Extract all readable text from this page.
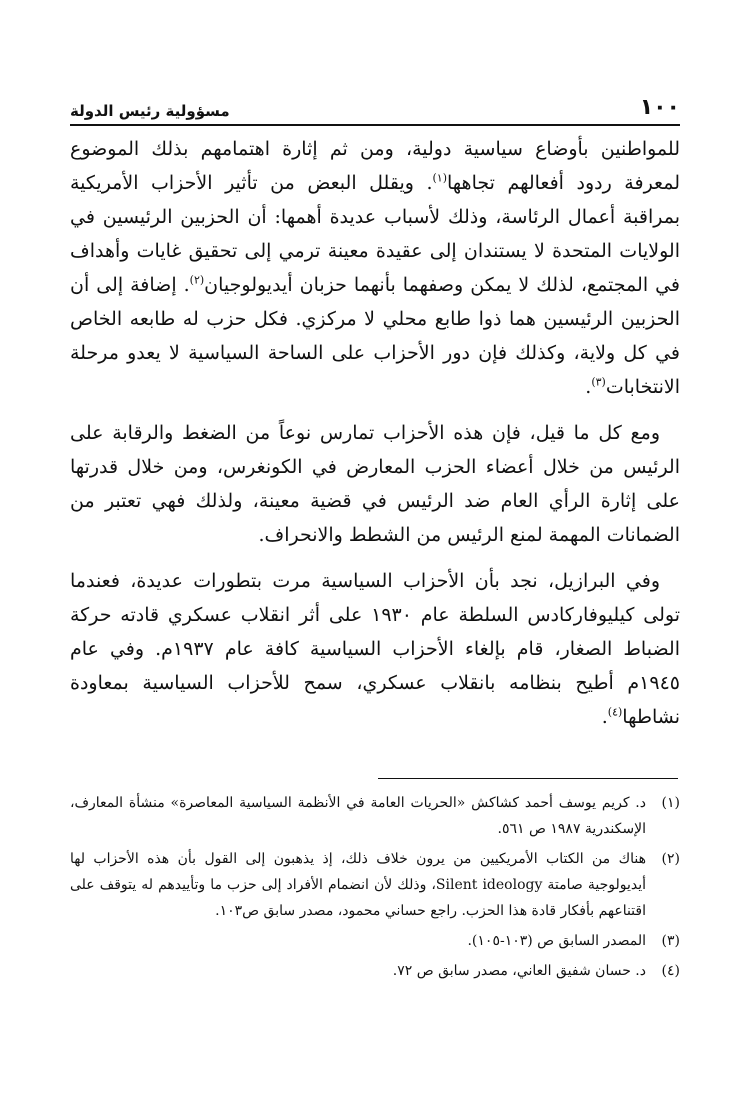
١٠٠
مسؤولية رئيس الدولة

للمواطنين بأوضاع سياسية دولية، ومن ثم إثارة اهتمامهم بذلك الموضوع لمعرفة ردود أفعالهم تجاهها$^{(١)}$. ويقلل البعض من تأثير الأحزاب الأمريكية بمراقبة أعمال الرئاسة، وذلك لأسباب عديدة أهمها: أن الحزبين الرئيسين في الولايات المتحدة لا يستندان إلى عقيدة معينة ترمي إلى تحقيق غايات وأهداف في المجتمع، لذلك لا يمكن وصفهما بأنهما حزبان أيديولوجيان$^{(٢)}$. إضافة إلى أن الحزبين الرئيسين هما ذوا طابع محلي لا مركزي. فكل حزب له طابعه الخاص في كل ولاية، وكذلك فإن دور الأحزاب على الساحة السياسية لا يعدو مرحلة الانتخابات$^{(٣)}$.

ومع كل ما قيل، فإن هذه الأحزاب تمارس نوعاً من الضغط والرقابة على الرئيس من خلال أعضاء الحزب المعارض في الكونغرس، ومن خلال قدرتها على إثارة الرأي العام ضد الرئيس في قضية معينة، ولذلك فهي تعتبر من الضمانات المهمة لمنع الرئيس من الشطط والانحراف.

وفي البرازيل، نجد بأن الأحزاب السياسية مرت بتطورات عديدة، فعندما تولى كيليوفاركادس السلطة عام ١٩٣٠ على أثر انقلاب عسكري قادته حركة الضباط الصغار، قام بإلغاء الأحزاب السياسية كافة عام ١٩٣٧م. وفي عام ١٩٤٥م أطيح بنظامه بانقلاب عسكري، سمح للأحزاب السياسية بمعاودة نشاطها$^{(٤)}$.

(١)
د. كريم يوسف أحمد كشاكش «الحريات العامة في الأنظمة السياسية المعاصرة» منشأة المعارف، الإسكندرية ١٩٨٧ ص ٥٦١.
(٢)
هناك من الكتاب الأمريكيين من يرون خلاف ذلك، إذ يذهبون إلى القول بأن هذه الأحزاب لها أيديولوجية صامتة Silent ideology، وذلك لأن انضمام الأفراد إلى حزب ما وتأييدهم له يتوقف على اقتناعهم بأفكار قادة هذا الحزب. راجع حساني محمود، مصدر سابق ص١٠٣.
(٣)
المصدر السابق ص (١٠٣-١٠٥).
(٤)
د. حسان شفيق العاني، مصدر سابق ص ٧٢.
